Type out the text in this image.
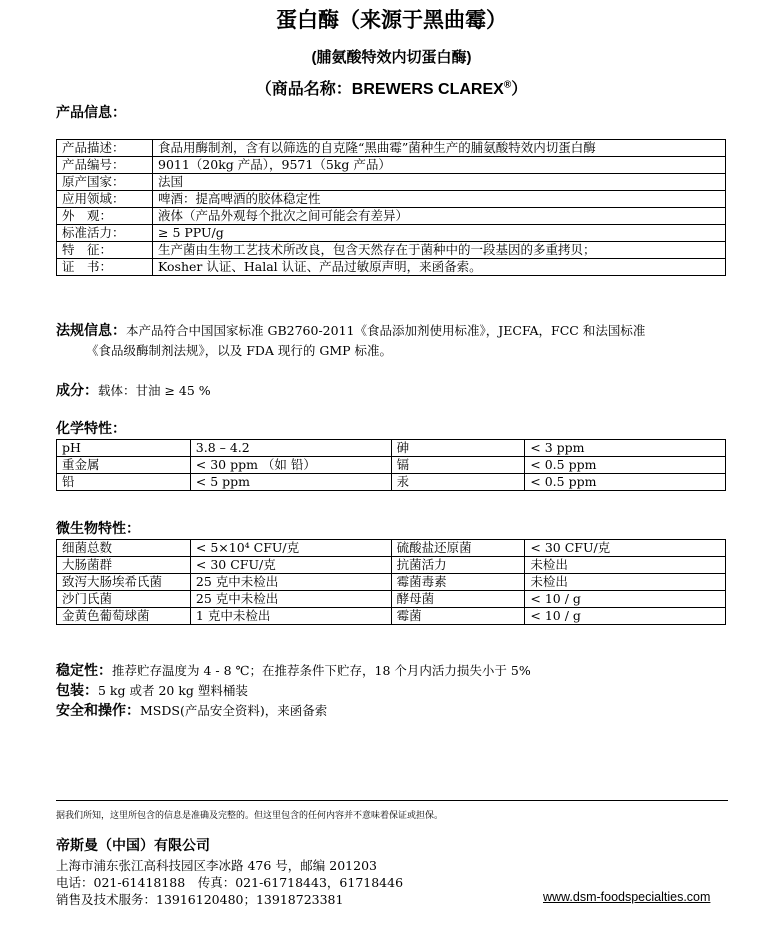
蛋白酶（来源于黑曲霉）
(脯氨酸特效内切蛋白酶)
（商品名称：BREWERS CLAREX®）
产品信息：
产品描述：	食品用酶制剂，含有以筛选的自克隆“黑曲霉”菌种生产的脯氨酸特效内切蛋白酶
产品编号：	9011（20kg 产品），9571（5kg 产品）
原产国家：	法国
应用领域：	啤酒：提高啤酒的胶体稳定性
外　观：	液体（产品外观每个批次之间可能会有差异）
标准活力：	≥ 5 PPU/g
特　征：	生产菌由生物工艺技术所改良，包含天然存在于菌种中的一段基因的多重拷贝；
证　书：	Kosher 认证、Halal 认证、产品过敏原声明，来函备索。
法规信息：本产品符合中国国家标准 GB2760-2011《食品添加剂使用标准》，JECFA，FCC 和法国标准
《食品级酶制剂法规》，以及 FDA 现行的 GMP 标准。
成分：载体：甘油 ≥ 45 %
化学特性：
pH	3.8 – 4.2	砷	< 3 ppm
重金属	< 30 ppm （如 铅）	镉	< 0.5 ppm
铅	< 5 ppm	汞	< 0.5 ppm
微生物特性：
细菌总数	< 5×10⁴ CFU/克	硫酸盐还原菌	< 30 CFU/克
大肠菌群	< 30 CFU/克	抗菌活力	未检出
致泻大肠埃希氏菌	25 克中未检出	霉菌毒素	未检出
沙门氏菌	25 克中未检出	酵母菌	< 10 / g
金黄色葡萄球菌	1 克中未检出	霉菌	< 10 / g
稳定性：推荐贮存温度为 4 - 8 ℃；在推荐条件下贮存，18 个月内活力损失小于 5%
包装：5 kg 或者 20 kg 塑料桶装
安全和操作：MSDS(产品安全资料)，来函备索
据我们所知，这里所包含的信息是准确及完整的。但这里包含的任何内容并不意味着保证或担保。
帝斯曼（中国）有限公司
上海市浦东张江高科技园区李冰路 476 号，邮编 201203
电话：021-61418188　传真：021-61718443，61718446
销售及技术服务：13916120480；13918723381	www.dsm-foodspecialties.com
